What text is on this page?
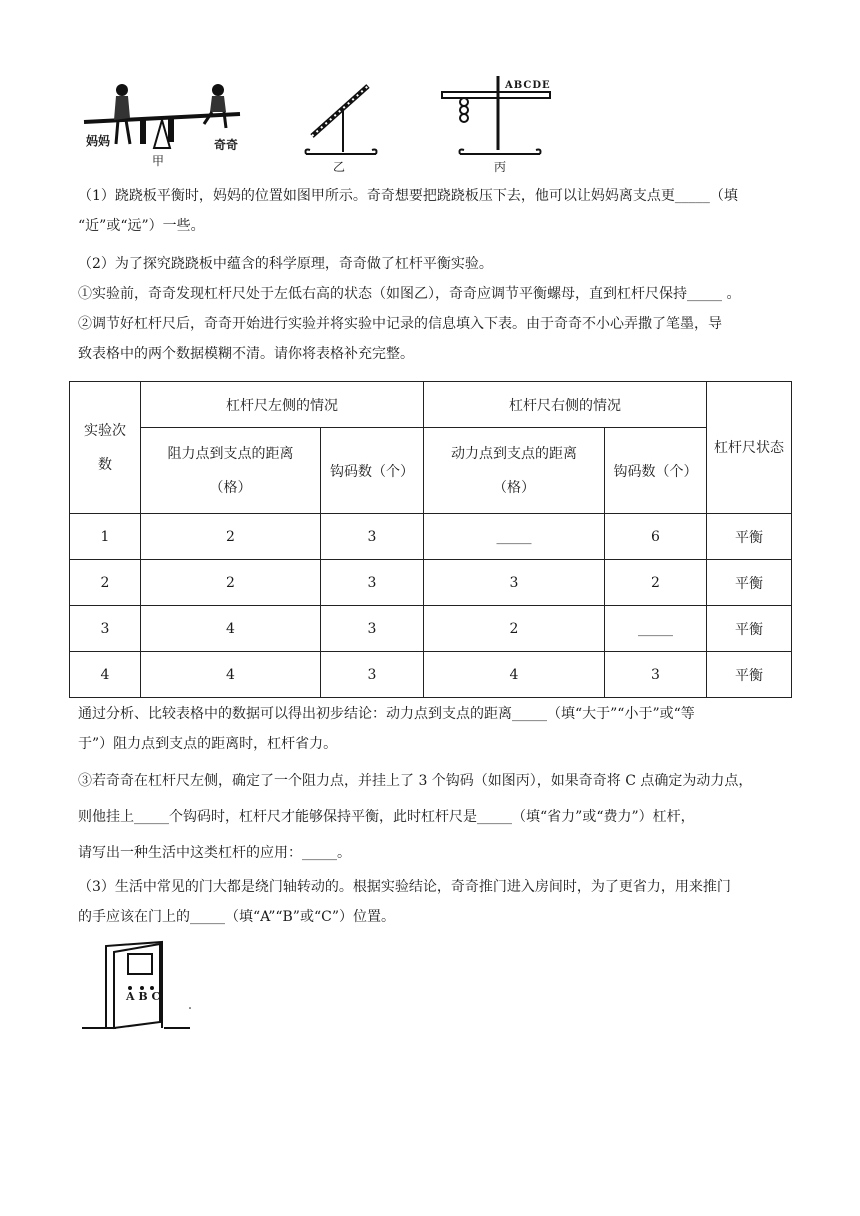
妈妈	奇奇
甲	乙
ABCDE
丙
（1）跷跷板平衡时，妈妈的位置如图甲所示。奇奇想要把跷跷板压下去，他可以让妈妈离支点更_____（填
“近”或“远”）一些。
（2）为了探究跷跷板中蕴含的科学原理，奇奇做了杠杆平衡实验。
①实验前，奇奇发现杠杆尺处于左低右高的状态（如图乙），奇奇应调节平衡螺母，直到杠杆尺保持_____ 。
②调节好杠杆尺后，奇奇开始进行实验并将实验中记录的信息填入下表。由于奇奇不小心弄撒了笔墨，导
致表格中的两个数据模糊不清。请你将表格补充完整。
实验次数	杠杆尺左侧的情况		杠杆尺右侧的情况		杠杆尺状态

	阻力点到支点的距离（格）	钩码数（个）	动力点到支点的距离（格）	钩码数（个）	
1	2	3	_____	6	平衡
2	2	3	3	2	平衡
3	4	3	2	_____	平衡
4	4	3	4	3	平衡
通过分析、比较表格中的数据可以得出初步结论：动力点到支点的距离_____（填“大于”“小于”或“等
于”）阻力点到支点的距离时，杠杆省力。
③若奇奇在杠杆尺左侧，确定了一个阻力点，并挂上了 3 个钩码（如图丙），如果奇奇将 C 点确定为动力点，
则他挂上_____个钩码时，杠杆尺才能够保持平衡，此时杠杆尺是_____（填“省力”或“费力”）杠杆，
请写出一种生活中这类杠杆的应用：_____。
（3）生活中常见的门大都是绕门轴转动的。根据实验结论，奇奇推门进入房间时，为了更省力，用来推门
的手应该在门上的_____（填“A”“B”或“C”）位置。
A B C
